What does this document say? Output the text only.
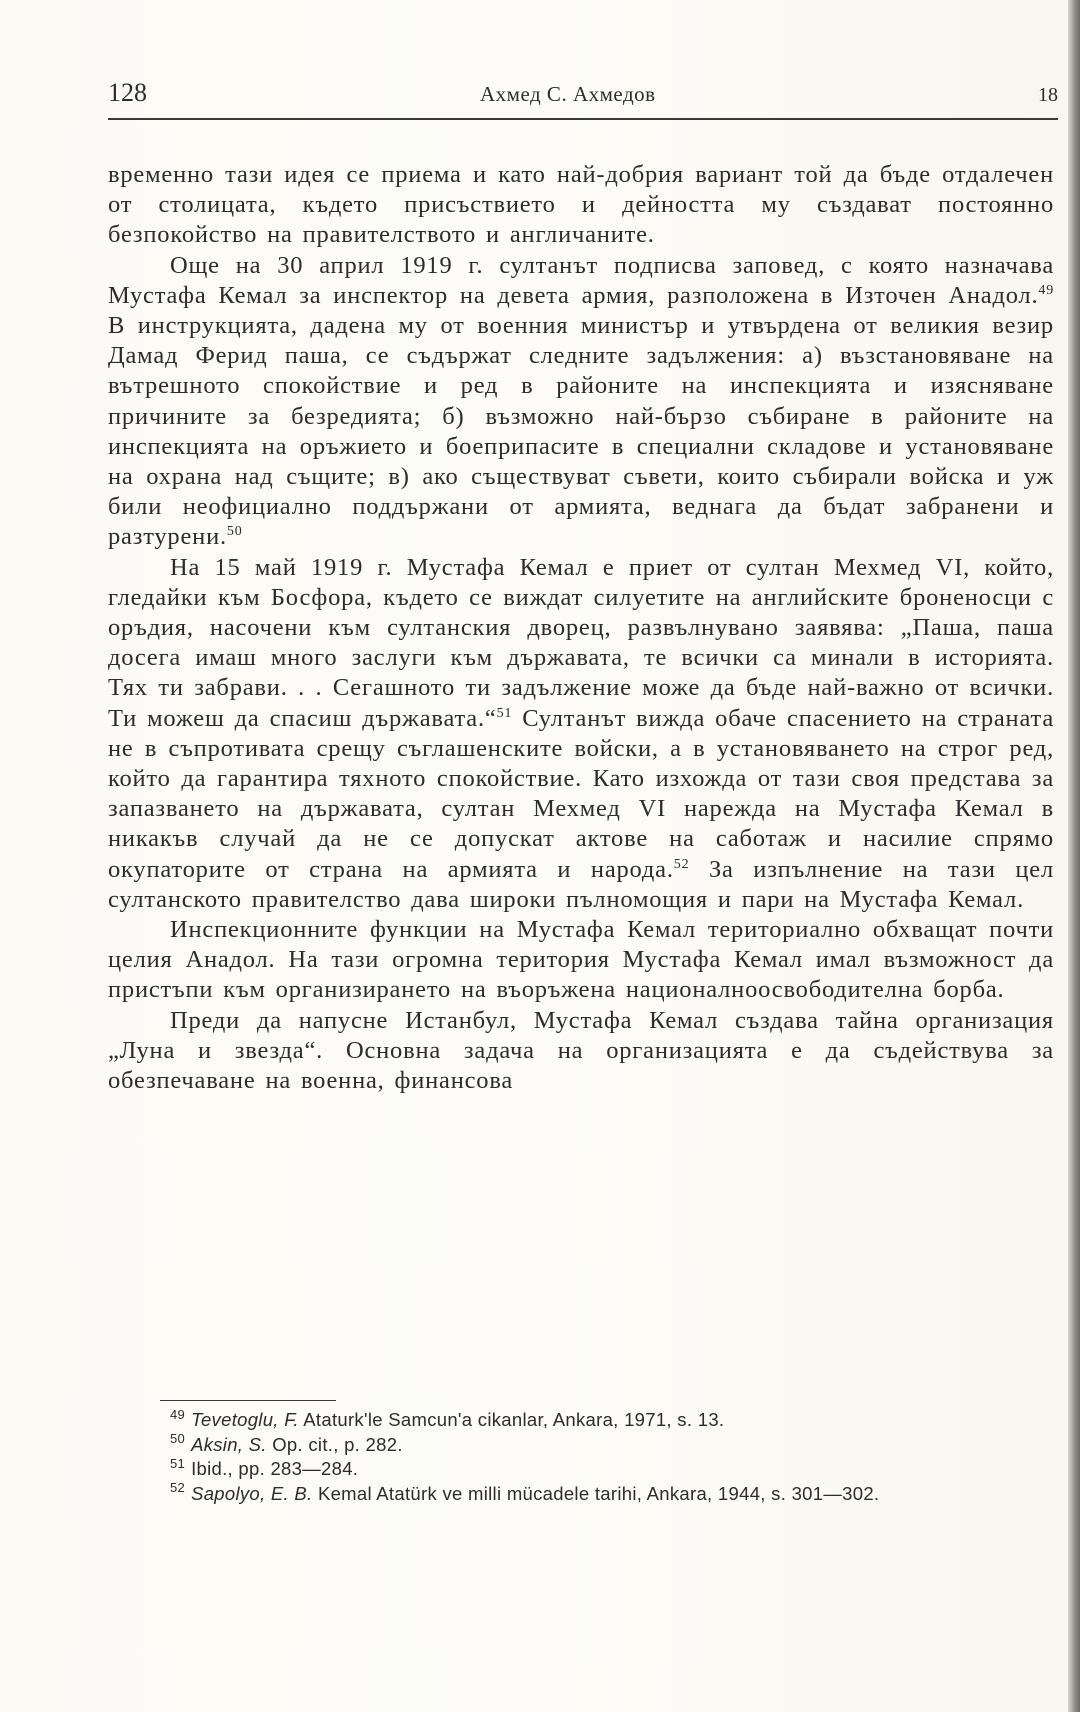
128	Ахмед С. Ахмедов	18

временно тази идея се приема и като най-добрия вариант той да бъде отдалечен от столицата, където присъствието и дейността му създават постоянно безпокойство на правителството и англичаните.

Още на 30 април 1919 г. султанът подписва заповед, с която назначава Мустафа Кемал за инспектор на девета армия, разположена в Източен Анадол.$^{49}$ В инструкцията, дадена му от военния министър и утвърдена от великия везир Дамад Ферид паша, се съдържат следните задължения: а) възстановяване на вътрешното спокойствие и ред в районите на инспекцията и изясняване причините за безредията; б) възможно най-бързо събиране в районите на инспекцията на оръжието и боеприпасите в специални складове и установяване на охрана над същите; в) ако съществуват съвети, които събирали войска и уж били неофициално поддържани от армията, веднага да бъдат забранени и разтурени.$^{50}$

На 15 май 1919 г. Мустафа Кемал е приет от султан Мехмед VI, който, гледайки към Босфора, където се виждат силуетите на английските броненосци с оръдия, насочени към султанския дворец, развълнувано заявява: „Паша, паша досега имаш много заслуги към държавата, те всички са минали в историята. Тях ти забрави. . . Сегашното ти задължение може да бъде най-важно от всички. Ти можеш да спасиш държавата.“$^{51}$ Султанът вижда обаче спасението на страната не в съпротивата срещу съглашенските войски, а в установяването на строг ред, който да гарантира тяхното спокойствие. Като изхожда от тази своя представа за запазването на държавата, султан Мехмед VI нарежда на Мустафа Кемал в никакъв случай да не се допускат актове на саботаж и насилие спрямо окупаторите от страна на армията и народа.$^{52}$ За изпълнение на тази цел султанското правителство дава широки пълномощия и пари на Мустафа Кемал.

Инспекционните функции на Мустафа Кемал териториално обхващат почти целия Анадол. На тази огромна територия Мустафа Кемал имал възможност да пристъпи към организирането на въоръжена националноосвободителна борба.

Преди да напусне Истанбул, Мустафа Кемал създава тайна организация „Луна и звезда“. Основна задача на организацията е да съдействува за обезпечаване на военна, финансова

$^{49}$ Tevetoglu, F. Ataturk'le Samcun'a cikanlar, Ankara, 1971, s. 13.

$^{50}$ Aksin, S. Op. cit., p. 282.

$^{51}$ Ibid., pp. 283—284.

$^{52}$ Sapolyo, E. B. Kemal Atatürk ve milli mücadele tarihi, Ankara, 1944, s. 301—302.
